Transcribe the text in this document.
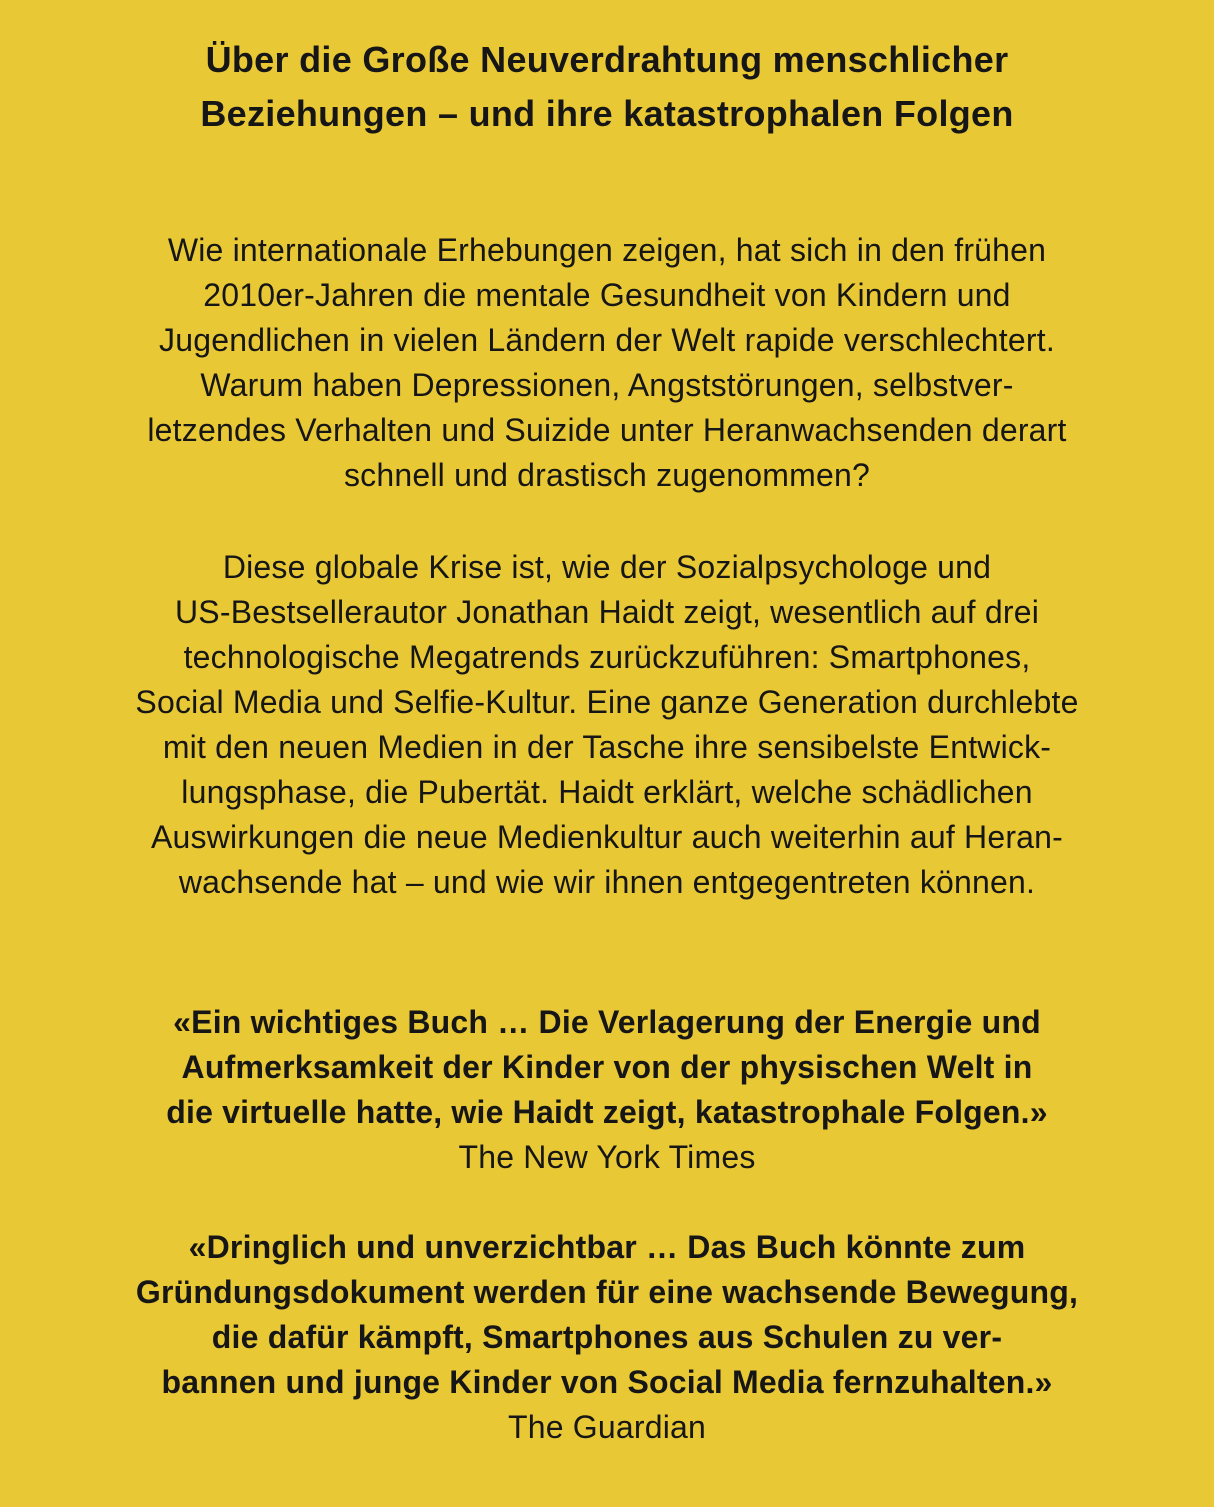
Über die Große Neuverdrahtung menschlicher
Beziehungen – und ihre katastrophalen Folgen
Wie internationale Erhebungen zeigen, hat sich in den frühen
2010er-Jahren die mentale Gesundheit von Kindern und
Jugendlichen in vielen Ländern der Welt rapide verschlechtert.
Warum haben Depressionen, Angststörungen, selbstver-
letzendes Verhalten und Suizide unter Heranwachsenden derart
schnell und drastisch zugenommen?
Diese globale Krise ist, wie der Sozialpsychologe und
US-Bestsellerautor Jonathan Haidt zeigt, wesentlich auf drei
technologische Megatrends zurückzuführen: Smartphones,
Social Media und Selfie-Kultur. Eine ganze Generation durchlebte
mit den neuen Medien in der Tasche ihre sensibelste Entwick-
lungsphase, die Pubertät. Haidt erklärt, welche schädlichen
Auswirkungen die neue Medienkultur auch weiterhin auf Heran-
wachsende hat – und wie wir ihnen entgegentreten können.
«Ein wichtiges Buch … Die Verlagerung der Energie und
Aufmerksamkeit der Kinder von der physischen Welt in
die virtuelle hatte, wie Haidt zeigt, katastrophale Folgen.»
The New York Times
«Dringlich und unverzichtbar … Das Buch könnte zum
Gründungsdokument werden für eine wachsende Bewegung,
die dafür kämpft, Smartphones aus Schulen zu ver-
bannen und junge Kinder von Social Media fernzuhalten.»
The Guardian
